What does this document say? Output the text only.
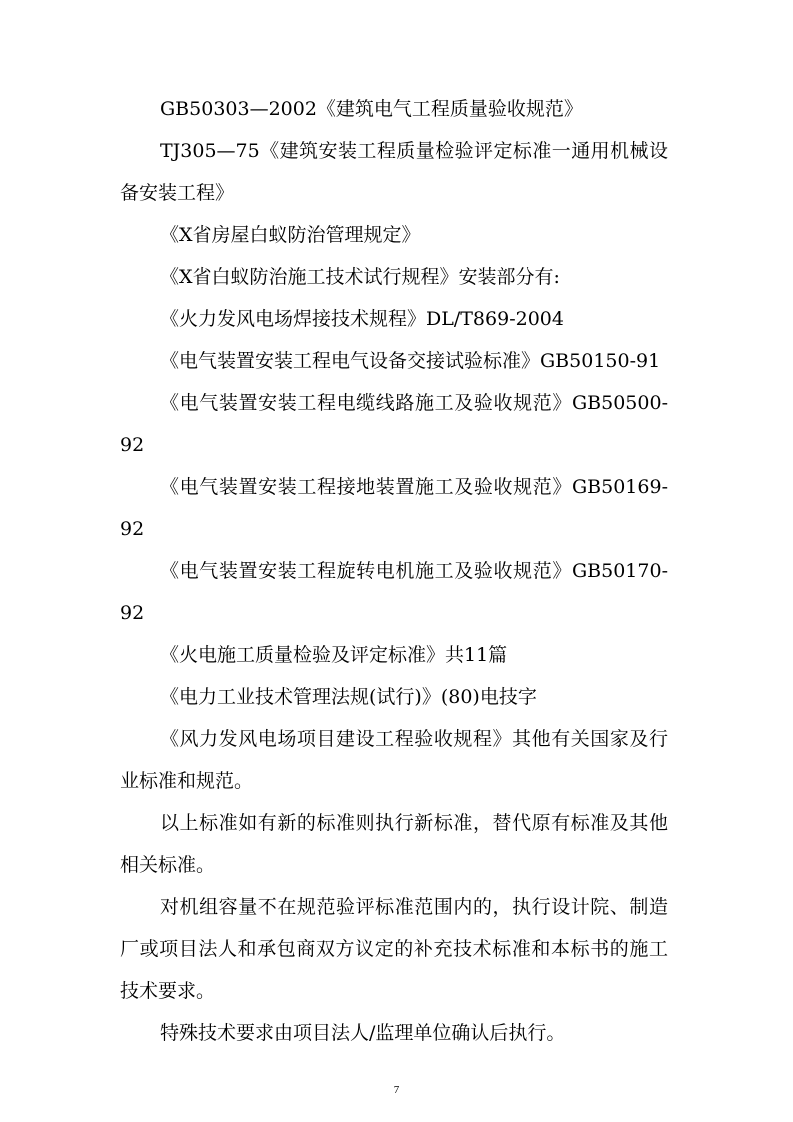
GB50303—2002《建筑电气工程质量验收规范》

TJ305—75《建筑安装工程质量检验评定标准一通用机械设备安装工程》

《X省房屋白蚁防治管理规定》

《X省白蚁防治施工技术试行规程》安装部分有:

《火力发风电场焊接技术规程》DL/T869-2004

《电气装置安装工程电气设备交接试验标准》GB50150-91

《电气装置安装工程电缆线路施工及验收规范》GB50500-92

《电气装置安装工程接地装置施工及验收规范》GB50169-92

《电气装置安装工程旋转电机施工及验收规范》GB50170-92

《火电施工质量检验及评定标准》共11篇

《电力工业技术管理法规(试行)》(80)电技字

《风力发风电场项目建设工程验收规程》其他有关国家及行业标准和规范。

以上标准如有新的标准则执行新标准，替代原有标准及其他相关标准。

对机组容量不在规范验评标准范围内的，执行设计院、制造厂或项目法人和承包商双方议定的补充技术标准和本标书的施工技术要求。

特殊技术要求由项目法人/监理单位确认后执行。

7
